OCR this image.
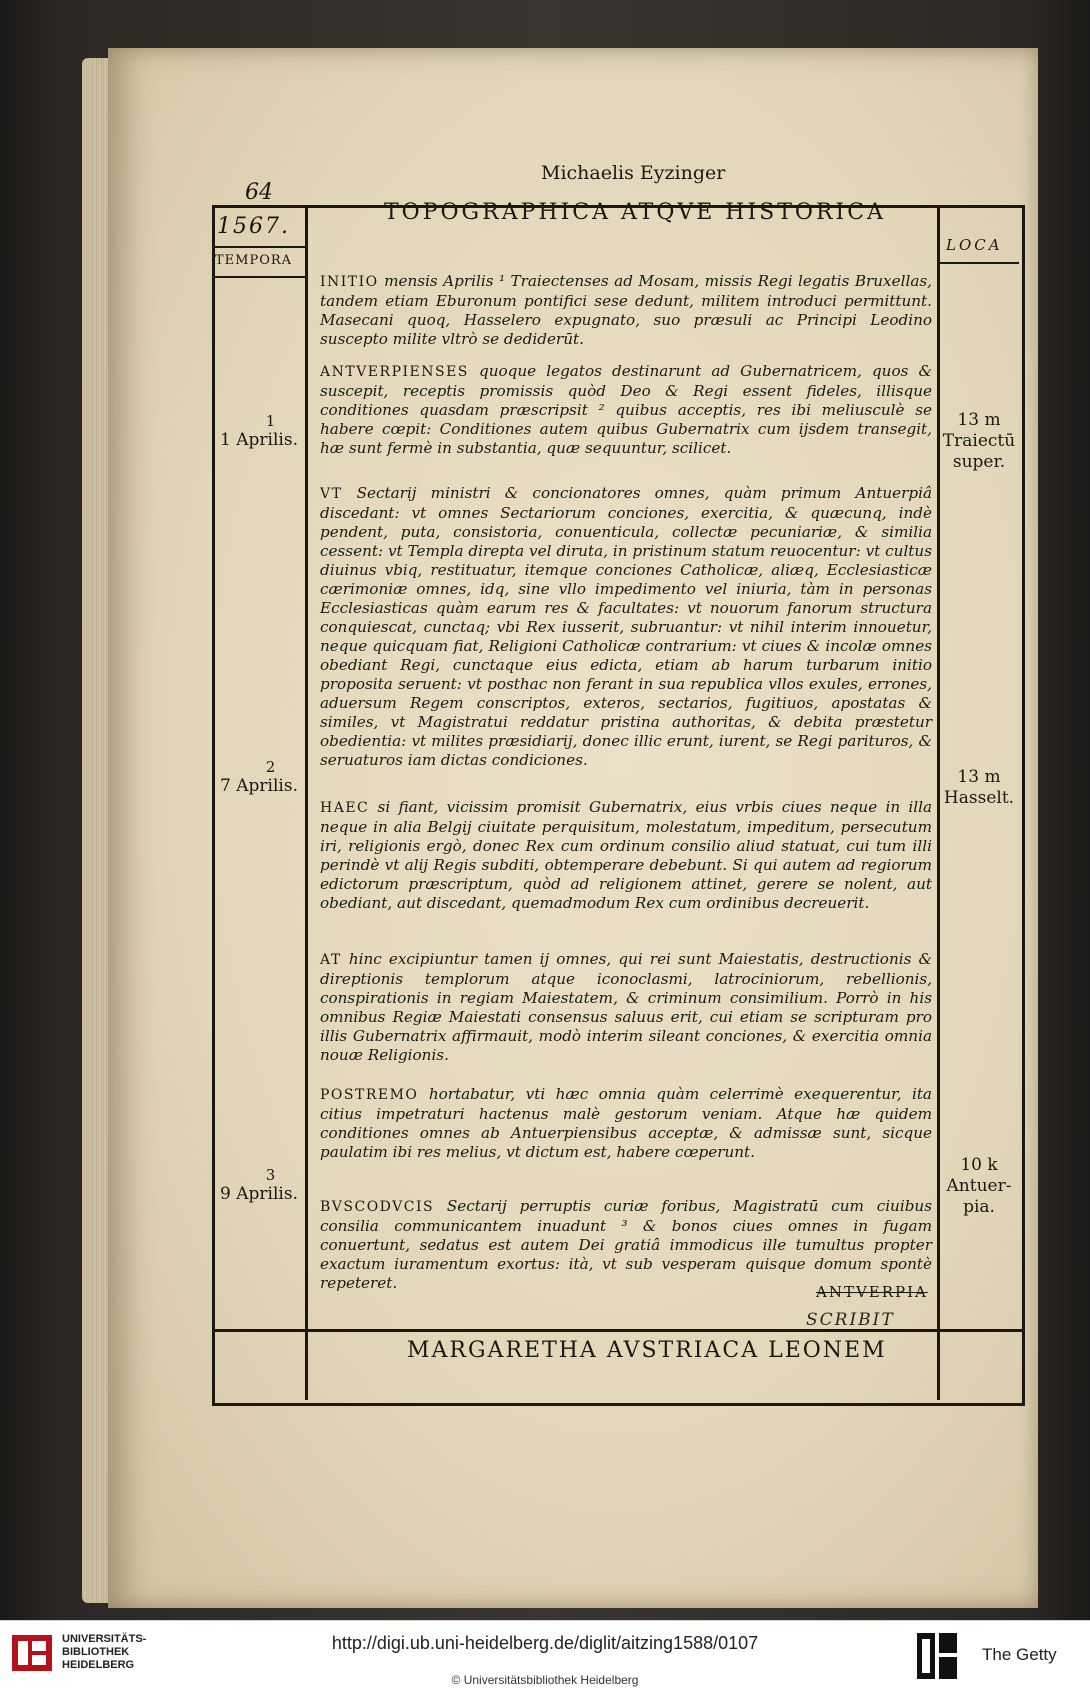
64
Michaelis Eyzinger
1567.
TOPOGRAPHICA ATQVE HISTORICA
TEMPORA
LOCA
INITIO mensis Aprilis ¹ Traiectenses ad Mosam, missis Regi legatis Bruxellas, tandem etiam Eburonum pontifici sese dedunt, militem introduci permittunt. Masecani quoq, Hasselero expugnato, suo præsuli ac Principi Leodino suscepto milite vltrò se dediderūt.
ANTVERPIENSES quoque legatos destinarunt ad Gubernatricem, quos & suscepit, receptis promissis quòd Deo & Regi essent fideles, illisque conditiones quasdam præscripsit ² quibus acceptis, res ibi meliusculè se habere cœpit: Conditiones autem quibus Gubernatrix cum ijsdem transegit, hæ sunt fermè in substantia, quæ sequuntur, scilicet.
VT Sectarij ministri & concionatores omnes, quàm primum Antuerpiâ discedant: vt omnes Sectariorum conciones, exercitia, & quæcunq, indè pendent, puta, consistoria, conuenticula, collectæ pecuniariæ, & similia cessent: vt Templa direpta vel diruta, in pristinum statum reuocentur: vt cultus diuinus vbiq, restituatur, itemque conciones Catholicæ, aliæq, Ecclesiasticæ cærimoniæ omnes, idq, sine vllo impedimento vel iniuria, tàm in personas Ecclesiasticas quàm earum res & facultates: vt nouorum fanorum structura conquiescat, cunctaq; vbi Rex iusserit, subruantur: vt nihil interim innouetur, neque quicquam fiat, Religioni Catholicæ contrarium: vt ciues & incolæ omnes obediant Regi, cunctaque eius edicta, etiam ab harum turbarum initio proposita seruent: vt posthac non ferant in sua republica vllos exules, errones, aduersum Regem conscriptos, exteros, sectarios, fugitiuos, apostatas & similes, vt Magistratui reddatur pristina authoritas, & debita præstetur obedientia: vt milites præsidiarij, donec illic erunt, iurent, se Regi parituros, & seruaturos iam dictas condiciones.
HAEC si fiant, vicissim promisit Gubernatrix, eius vrbis ciues neque in illa neque in alia Belgij ciuitate perquisitum, molestatum, impeditum, persecutum iri, religionis ergò, donec Rex cum ordinum consilio aliud statuat, cui tum illi perindè vt alij Regis subditi, obtemperare debebunt. Si qui autem ad regiorum edictorum præscriptum, quòd ad religionem attinet, gerere se nolent, aut obediant, aut discedant, quemadmodum Rex cum ordinibus decreuerit.
AT hinc excipiuntur tamen ij omnes, qui rei sunt Maiestatis, destructionis & direptionis templorum atque iconoclasmi, latrociniorum, rebellionis, conspirationis in regiam Maiestatem, & criminum consimilium. Porrò in his omnibus Regiæ Maiestati consensus saluus erit, cui etiam se scripturam pro illis Gubernatrix affirmauit, modò interim sileant conciones, & exercitia omnia nouæ Religionis.
POSTREMO hortabatur, vti hæc omnia quàm celerrimè exequerentur, ita citius impetraturi hactenus malè gestorum veniam. Atque hæ quidem conditiones omnes ab Antuerpiensibus acceptæ, & admissæ sunt, sicque paulatim ibi res melius, vt dictum est, habere cœperunt.
BVSCODVCIS Sectarij perruptis curiæ foribus, Magistratū cum ciuibus consilia communicantem inuadunt ³ & bonos ciues omnes in fugam conuertunt, sedatus est autem Dei gratiâ immodicus ille tumultus propter exactum iuramentum exortus: ità, vt sub vesperam quisque domum spontè repeteret.
1
1 Aprilis.
2
7 Aprilis.
3
9 Aprilis.
13 m
Traiectū
super.
13 m
Hasselt.
10 k
Antuer-
pia.
ANTVERPIA
SCRIBIT
MARGARETHA AVSTRIACA LEONEM
UNIVERSITÄTS-
BIBLIOTHEK
HEIDELBERG
http://digi.ub.uni-heidelberg.de/diglit/aitzing1588/0107
© Universitätsbibliothek Heidelberg
The Getty
